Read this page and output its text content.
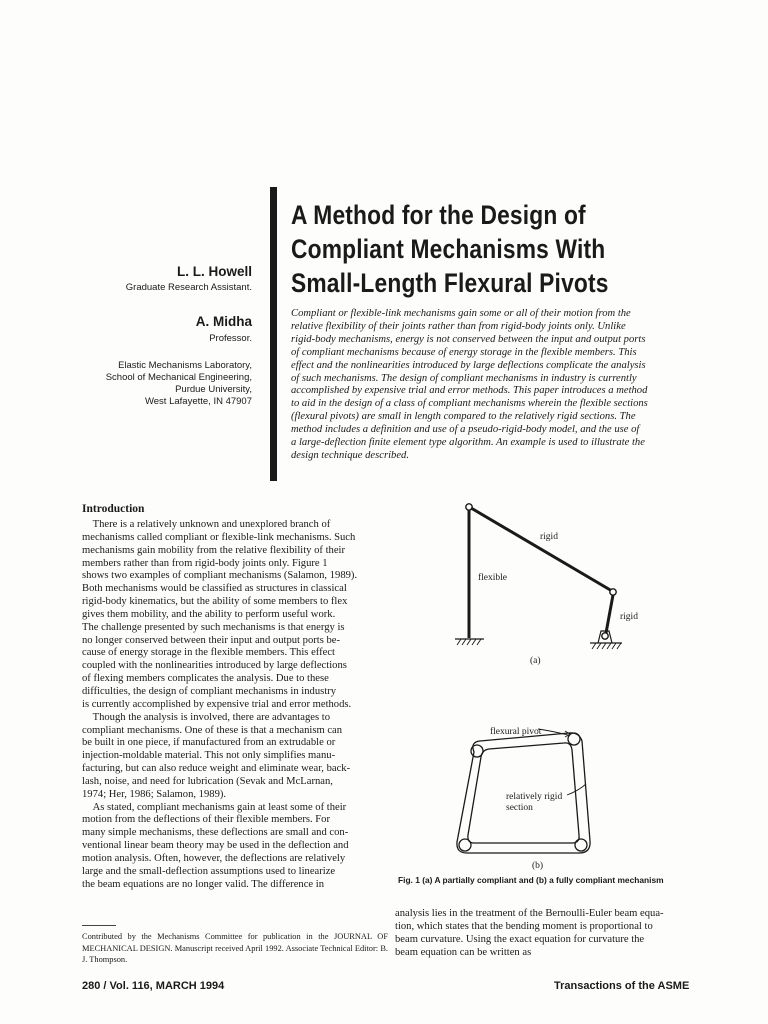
A Method for the Design of
Compliant Mechanisms With
Small-Length Flexural Pivots
L. L. Howell
Graduate Research Assistant.
A. Midha
Professor.
Elastic Mechanisms Laboratory,
School of Mechanical Engineering,
Purdue University,
West Lafayette, IN 47907
Compliant or flexible-link mechanisms gain some or all of their motion from the
relative flexibility of their joints rather than from rigid-body joints only. Unlike
rigid-body mechanisms, energy is not conserved between the input and output ports
of compliant mechanisms because of energy storage in the flexible members. This
effect and the nonlinearities introduced by large deflections complicate the analysis
of such mechanisms. The design of compliant mechanisms in industry is currently
accomplished by expensive trial and error methods. This paper introduces a method
to aid in the design of a class of compliant mechanisms wherein the flexible sections
(flexural pivots) are small in length compared to the relatively rigid sections. The
method includes a definition and use of a pseudo-rigid-body model, and the use of
a large-deflection finite element type algorithm. An example is used to illustrate the
design technique described.
Introduction
There is a relatively unknown and unexplored branch of
mechanisms called compliant or flexible-link mechanisms. Such
mechanisms gain mobility from the relative flexibility of their
members rather than from rigid-body joints only. Figure 1
shows two examples of compliant mechanisms (Salamon, 1989).
Both mechanisms would be classified as structures in classical
rigid-body kinematics, but the ability of some members to flex
gives them mobility, and the ability to perform useful work.
The challenge presented by such mechanisms is that energy is
no longer conserved between their input and output ports be-
cause of energy storage in the flexible members. This effect
coupled with the nonlinearities introduced by large deflections
of flexing members complicates the analysis. Due to these
difficulties, the design of compliant mechanisms in industry
is currently accomplished by expensive trial and error methods.
Though the analysis is involved, there are advantages to
compliant mechanisms. One of these is that a mechanism can
be built in one piece, if manufactured from an extrudable or
injection-moldable material. This not only simplifies manu-
facturing, but can also reduce weight and eliminate wear, back-
lash, noise, and need for lubrication (Sevak and McLarnan,
1974; Her, 1986; Salamon, 1989).
As stated, compliant mechanisms gain at least some of their
motion from the deflections of their flexible members. For
many simple mechanisms, these deflections are small and con-
ventional linear beam theory may be used in the deflection and
motion analysis. Often, however, the deflections are relatively
large and the small-deflection assumptions used to linearize
the beam equations are no longer valid. The difference in
rigid
flexible
rigid
(a)
flexural pivot
relatively rigid
section
(b)
Fig. 1 (a) A partially compliant and (b) a fully compliant mechanism
analysis lies in the treatment of the Bernoulli-Euler beam equa-
tion, which states that the bending moment is proportional to
beam curvature. Using the exact equation for curvature the
beam equation can be written as
Contributed by the Mechanisms Committee for publication in the JOURNAL OF MECHANICAL DESIGN. Manuscript received April 1992. Associate Technical Editor: B. J. Thompson.
280 / Vol. 116, MARCH 1994	Transactions of the ASME
